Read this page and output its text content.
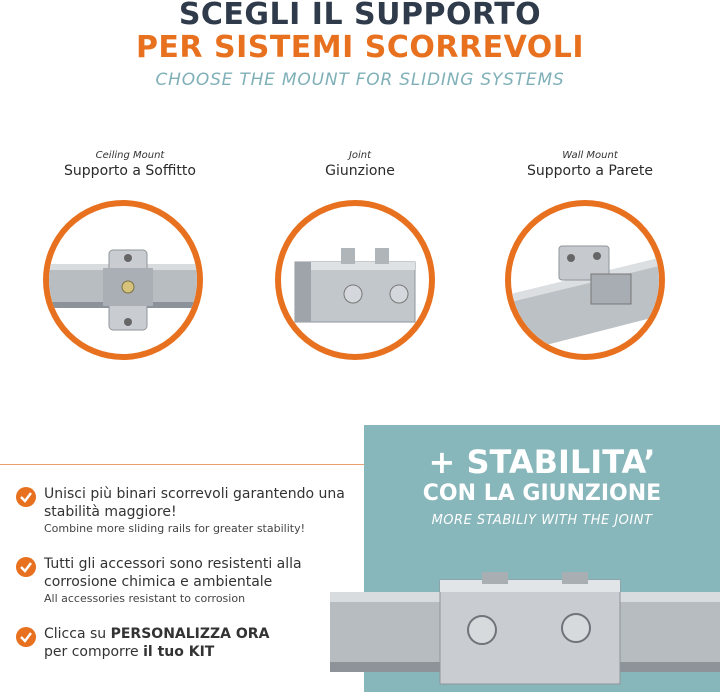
SCEGLI IL SUPPORTO
PER SISTEMI SCORREVOLI
CHOOSE THE MOUNT FOR SLIDING SYSTEMS
Ceiling Mount
Supporto a Soffitto
Joint
Giunzione
Wall Mount
Supporto a Parete
+ STABILITA’
CON LA GIUNZIONE
MORE STABILIY WITH THE JOINT
Unisci più binari scorrevoli garantendo una stabilità maggiore!
Combine more sliding rails for greater stability!
Tutti gli accessori sono resistenti alla corrosione chimica e ambientale
All accessories resistant to corrosion
Clicca su PERSONALIZZA ORA
per comporre il tuo KIT
